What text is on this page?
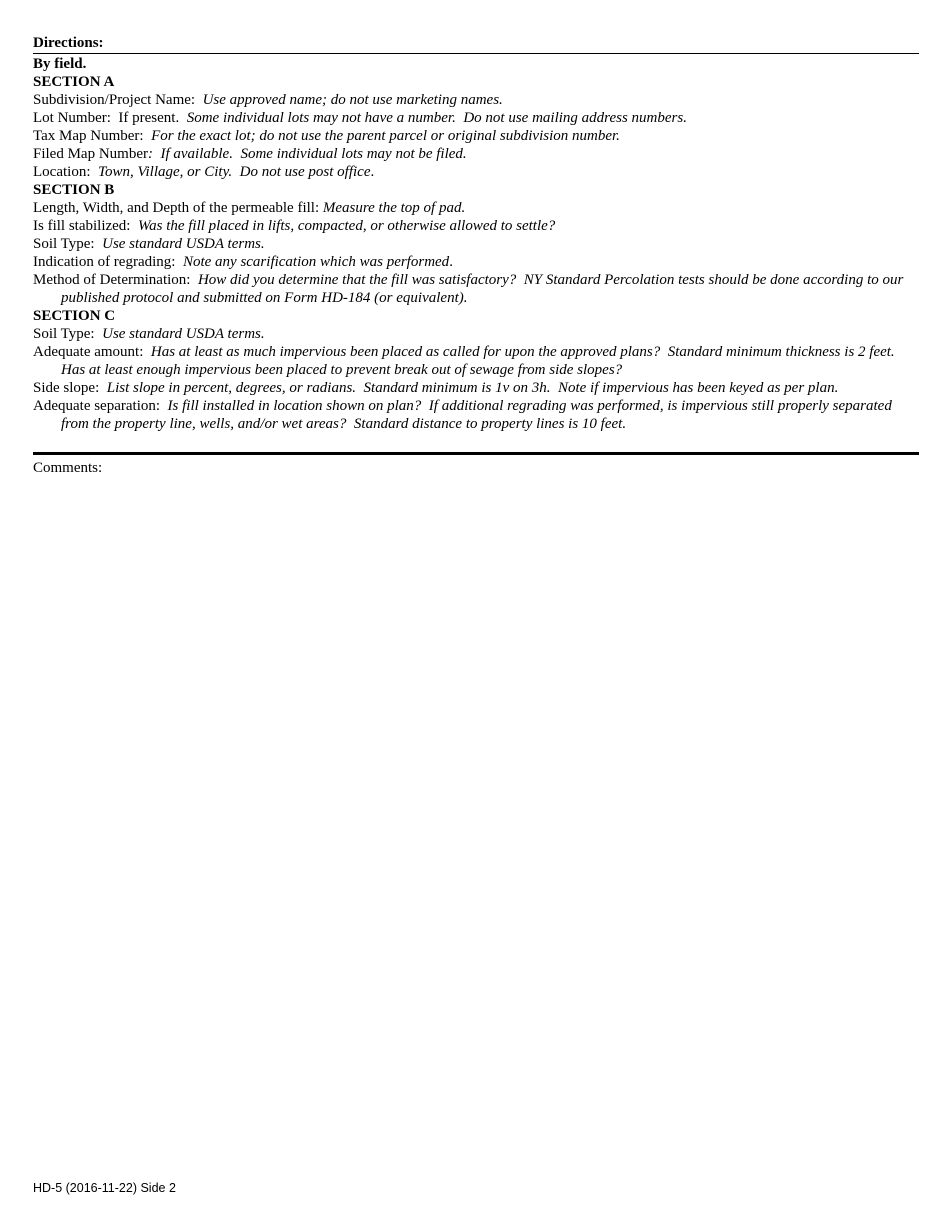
Directions:
By field.
SECTION A
Subdivision/Project Name:  Use approved name; do not use marketing names.
Lot Number:  If present.  Some individual lots may not have a number.  Do not use mailing address numbers.
Tax Map Number:  For the exact lot; do not use the parent parcel or original subdivision number.
Filed Map Number:  If available.  Some individual lots may not be filed.
Location:  Town, Village, or City.  Do not use post office.
SECTION B
Length, Width, and Depth of the permeable fill: Measure the top of pad.
Is fill stabilized:  Was the fill placed in lifts, compacted, or otherwise allowed to settle?
Soil Type:  Use standard USDA terms.
Indication of regrading:  Note any scarification which was performed.
Method of Determination:  How did you determine that the fill was satisfactory?  NY Standard Percolation tests should be done according to our published protocol and submitted on Form HD-184 (or equivalent).
SECTION C
Soil Type:  Use standard USDA terms.
Adequate amount:  Has at least as much impervious been placed as called for upon the approved plans?  Standard minimum thickness is 2 feet.  Has at least enough impervious been placed to prevent break out of sewage from side slopes?
Side slope:  List slope in percent, degrees, or radians.  Standard minimum is 1v on 3h.  Note if impervious has been keyed as per plan.
Adequate separation:  Is fill installed in location shown on plan?  If additional regrading was performed, is impervious still properly separated from the property line, wells, and/or wet areas?  Standard distance to property lines is 10 feet.
Comments:
HD-5 (2016-11-22) Side 2
